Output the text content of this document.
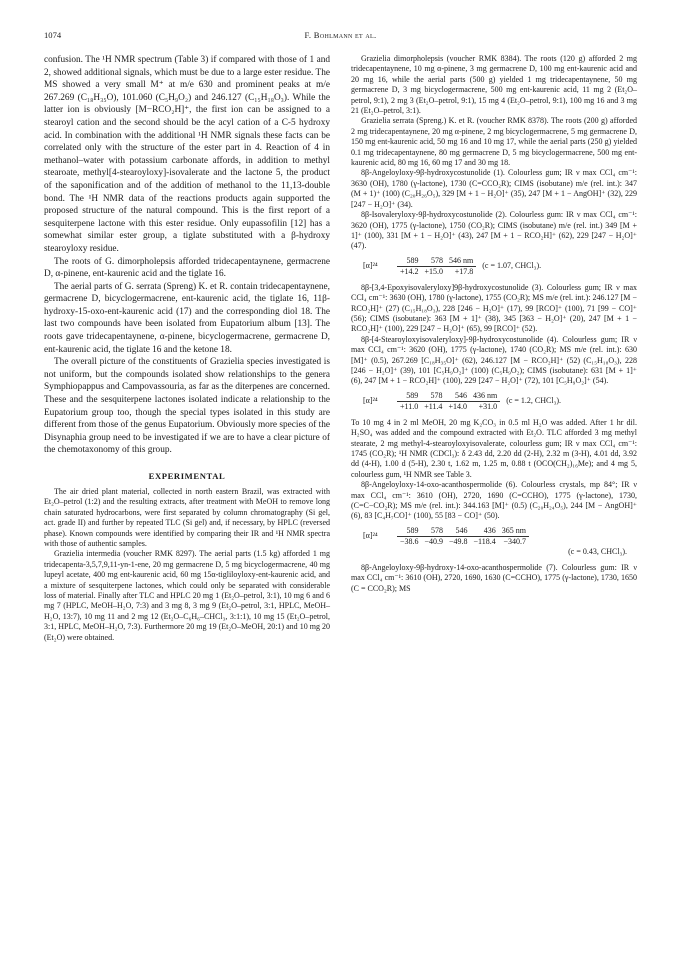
1074	F. Bohlmann et al.

confusion. The ¹H NMR spectrum (Table 3) if compared with those of 1 and 2, showed additional signals, which must be due to a large ester residue. The MS showed a very small M⁺ at m/e 630 and prominent peaks at m/e 267.269 (C₁₈H₃₅O), 101.060 (C₅H₉O₂) and 246.127 (C₁₅H₁₈O₃). While the latter ion is obviously [M−RCO₂H]⁺, the first ion can be assigned to a stearoyl cation and the second should be the acyl cation of a C-5 hydroxy acid. In combination with the additional ¹H NMR signals these facts can be correlated only with the structure of the ester part in 4. Reaction of 4 in methanol–water with potassium carbonate affords, in addition to methyl stearoate, methyl[4-stearoyloxy]-isovalerate and the lactone 5, the product of the saponification and of the addition of methanol to the 11,13-double bond. The ¹H NMR data of the reactions products again supported the proposed structure of the natural compound. This is the first report of a sesquiterpene lactone with this ester residue. Only eupassofilin [12] has a somewhat similar ester group, a tiglate substituted with a β-hydroxy stearoyloxy residue.

The roots of G. dimorpholepsis afforded tridecapentaynene, germacrene D, α-pinene, ent-kaurenic acid and the tiglate 16.

The aerial parts of G. serrata (Spreng) K. et R. contain tridecapentaynene, germacrene D, bicyclogermacrene, ent-kaurenic acid, the tiglate 16, 11β-hydroxy-15-oxo-ent-kaurenic acid (17) and the corresponding diol 18. The last two compounds have been isolated from Eupatorium album [13]. The roots gave tridecapentaynene, α-pinene, bicyclogermacrene, germacrene D, ent-kaurenic acid, the tiglate 16 and the ketone 18.

The overall picture of the constituents of Grazielia species investigated is not uniform, but the compounds isolated show relationships to the genera Symphiopappus and Campovassouria, as far as the diterpenes are concerned. These and the sesquiterpene lactones isolated indicate a relationship to the Eupatorium group too, though the special types isolated in this study are different from those of the genus Eupatorium. Obviously more species of the Disynaphia group need to be investigated if we are to have a clear picture of the chemotaxonomy of this group.

EXPERIMENTAL

The air dried plant material, collected in north eastern Brazil, was extracted with Et₂O–petrol (1:2) and the resulting extracts, after treatment with MeOH to remove long chain saturated hydrocarbons, were first separated by column chromatography (Si gel, act. grade II) and further by repeated TLC (Si gel) and, if necessary, by HPLC (reversed phase). Known compounds were identified by comparing their IR and ¹H NMR spectra with those of authentic samples.

Grazielia intermedia (voucher RMK 8297). The aerial parts (1.5 kg) afforded 1 mg tridecapenta-3,5,7,9,11-yn-1-ene, 20 mg germacrene D, 5 mg bicyclogermacrene, 40 mg lupeyl acetate, 400 mg ent-kaurenic acid, 60 mg 15α-tigliloyloxy-ent-kaurenic acid, and a mixture of sesquiterpene lactones, which could only be separated with considerable loss of material. Finally after TLC and HPLC 20 mg 1 (Et₂O–petrol, 3:1), 10 mg 6 and 6 mg 7 (HPLC, MeOH–H₂O, 7:3) and 3 mg 8, 3 mg 9 (Et₂O–petrol, 3:1, HPLC, MeOH–H₂O, 13:7), 10 mg 11 and 2 mg 12 (Et₂O–C₆H₆–CHCl₃, 3:1:1), 10 mg 15 (Et₂O–petrol, 3:1, HPLC, MeOH–H₂O, 7:3). Furthermore 20 mg 19 (Et₂O–MeOH, 20:1) and 10 mg 20 (Et₂O) were obtained.

Grazielia dimorpholepsis (voucher RMK 8384). The roots (120 g) afforded 2 mg tridecapentaynene, 10 mg α-pinene, 3 mg germacrene D, 100 mg ent-kaurenic acid and 20 mg 16, while the aerial parts (500 g) yielded 1 mg tridecapentaynene, 50 mg germacrene D, 3 mg bicyclogermacrene, 500 mg ent-kaurenic acid, 11 mg 2 (Et₂O–petrol, 9:1), 2 mg 3 (Et₂O–petrol, 9:1), 15 mg 4 (Et₂O–petrol, 9:1), 100 mg 16 and 3 mg 21 (Et₂O–petrol, 3:1).

Grazielia serrata (Spreng.) K. et R. (voucher RMK 8378). The roots (200 g) afforded 2 mg tridecapentaynene, 20 mg α-pinene, 2 mg bicyclogermacrene, 5 mg germacrene D, 150 mg ent-kaurenic acid, 50 mg 16 and 10 mg 17, while the aerial parts (250 g) yielded 0.1 mg tridecapentaynene, 80 mg germacrene D, 5 mg bicyclogermacrene, 500 mg ent-kaurenic acid, 80 mg 16, 60 mg 17 and 30 mg 18.

8β-Angeloyloxy-9β-hydroxycostunolide (1). Colourless gum; IR ν max CCl₄ cm⁻¹: 3630 (OH), 1780 (γ-lactone), 1730 (C=CCO₂R); CIMS (isobutane) m/e (rel. int.): 347 (M + 1)⁺ (100) (C₂₀H₂₆O₅), 329 [M + 1 − H₂O]⁺ (35), 247 [M + 1 − AngOH]⁺ (32), 229 [247 − H₂O]⁺ (34).

8β-Isovaleryloxy-9β-hydroxycostunolide (2). Colourless gum: IR ν max CCl₄ cm⁻¹: 3620 (OH), 1775 (γ-lactone), 1750 (CO₂R); CIMS (isobutane) m/e (rel. int.) 349 [M + 1]⁺ (100), 331 [M + 1 − H₂O]⁺ (43), 247 [M + 1 − RCO₂H]⁺ (62), 229 [247 − H₂O]⁺ (47).

[α]²⁴
589	578	546 nm
+14.2	+15.0	+17.8
(c = 1.07, CHCl₃).

8β-[3,4-Epoxyisovaleryloxy]9β-hydroxycostunolide (3). Colourless gum; IR ν max CCl₄ cm⁻¹: 3630 (OH), 1780 (γ-lactone), 1755 (CO₂R); MS m/e (rel. int.): 246.127 [M − RCO₂H]⁺ (27) (C₁₅H₁₈O₃), 228 [246 − H₂O]⁺ (17), 99 [RCO]⁺ (100), 71 [99 − CO]⁺ (56); CIMS (isobutane): 363 [M + 1]⁺ (38), 345 [363 − H₂O]⁺ (20), 247 [M + 1 − RCO₂H]⁺ (100), 229 [247 − H₂O]⁺ (65), 99 [RCO]⁺ (52).

8β-[4-Stearoyloxyisovaleryloxy]-9β-hydroxycostunolide (4). Colourless gum; IR ν max CCl₄ cm⁻¹: 3620 (OH), 1775 (γ-lactone), 1740 (CO₂R); MS m/e (rel. int.): 630 [M]⁺ (0.5), 267.269 [C₁₈H₃₅O]⁺ (62), 246.127 [M − RCO₂H]⁺ (52) (C₁₅H₁₈O₃), 228 [246 − H₂O]⁺ (39), 101 [C₅H₉O₂]⁺ (100) (C₅H₉O₂); CIMS (isobutane): 631 [M + 1]⁺ (6), 247 [M + 1 − RCO₂H]⁺ (100), 229 [247 − H₂O]⁺ (72), 101 [C₅H₉O₂]⁺ (54).

[α]²⁴
589	578	546	436 nm
+11.0	+11.4	+14.0	+31.0
(c = 1.2, CHCl₃).

To 10 mg 4 in 2 ml MeOH, 20 mg K₂CO₃ in 0.5 ml H₂O was added. After 1 hr dil. H₂SO₄ was added and the compound extracted with Et₂O. TLC afforded 3 mg methyl stearate, 2 mg methyl-4-stearoyloxyisovalerate, colourless gum; IR ν max CCl₄ cm⁻¹: 1745 (CO₂R); ¹H NMR (CDCl₃): δ 2.43 dd, 2.20 dd (2-H), 2.32 m (3-H), 4.01 dd, 3.92 dd (4-H), 1.00 d (5-H), 2.30 t, 1.62 m, 1.25 m, 0.88 t (OCO(CH₂)₁₆Me); and 4 mg 5, colourless gum, ¹H NMR see Table 3.

8β-Angeloyloxy-14-oxo-acanthospermolide (6). Colourless crystals, mp 84°; IR ν max CCl₄ cm⁻¹: 3610 (OH), 2720, 1690 (C=CCHO), 1775 (γ-lactone), 1730, (C=C−CO₂R); MS m/e (rel. int.): 344.163 [M]⁺ (0.5) (C₂₀H₂₄O₅), 244 [M − AngOH]⁺ (6), 83 [C₄H₇CO]⁺ (100), 55 [83 − CO]⁺ (50).

[α]²⁴
589	578	546	436	365 nm
−38.6	−40.9	−49.8	−118.4	−340.7
(c = 0.43, CHCl₃).

8β-Angeloyloxy-9β-hydroxy-14-oxo-acanthospermolide (7). Colourless gum: IR ν max CCl₄ cm⁻¹: 3610 (OH), 2720, 1690, 1630 (C=CCHO), 1775 (γ-lactone), 1730, 1650 (C = CCO₂R); MS
